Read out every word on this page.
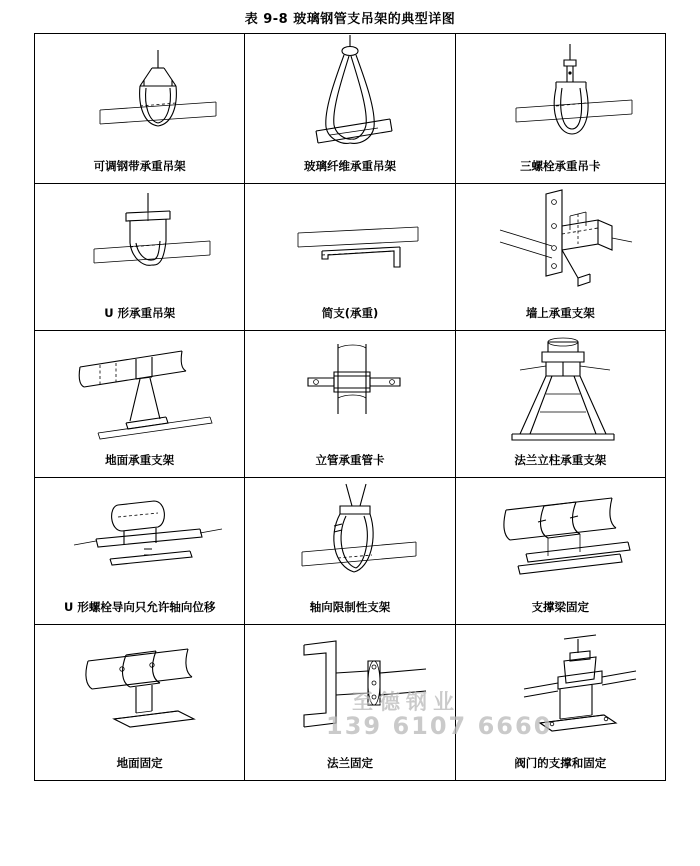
表 9-8 玻璃钢管支吊架的典型详图
可调钢带承重吊架	玻璃纤维承重吊架	三螺栓承重吊卡
U 形承重吊架	简支(承重)	墙上承重支架
地面承重支架	立管承重管卡	法兰立柱承重支架
U 形螺栓导向只允许轴向位移	轴向限制性支架	支撑梁固定
地面固定	法兰固定	阀门的支撑和固定
至德钢业
139 6107 6660
